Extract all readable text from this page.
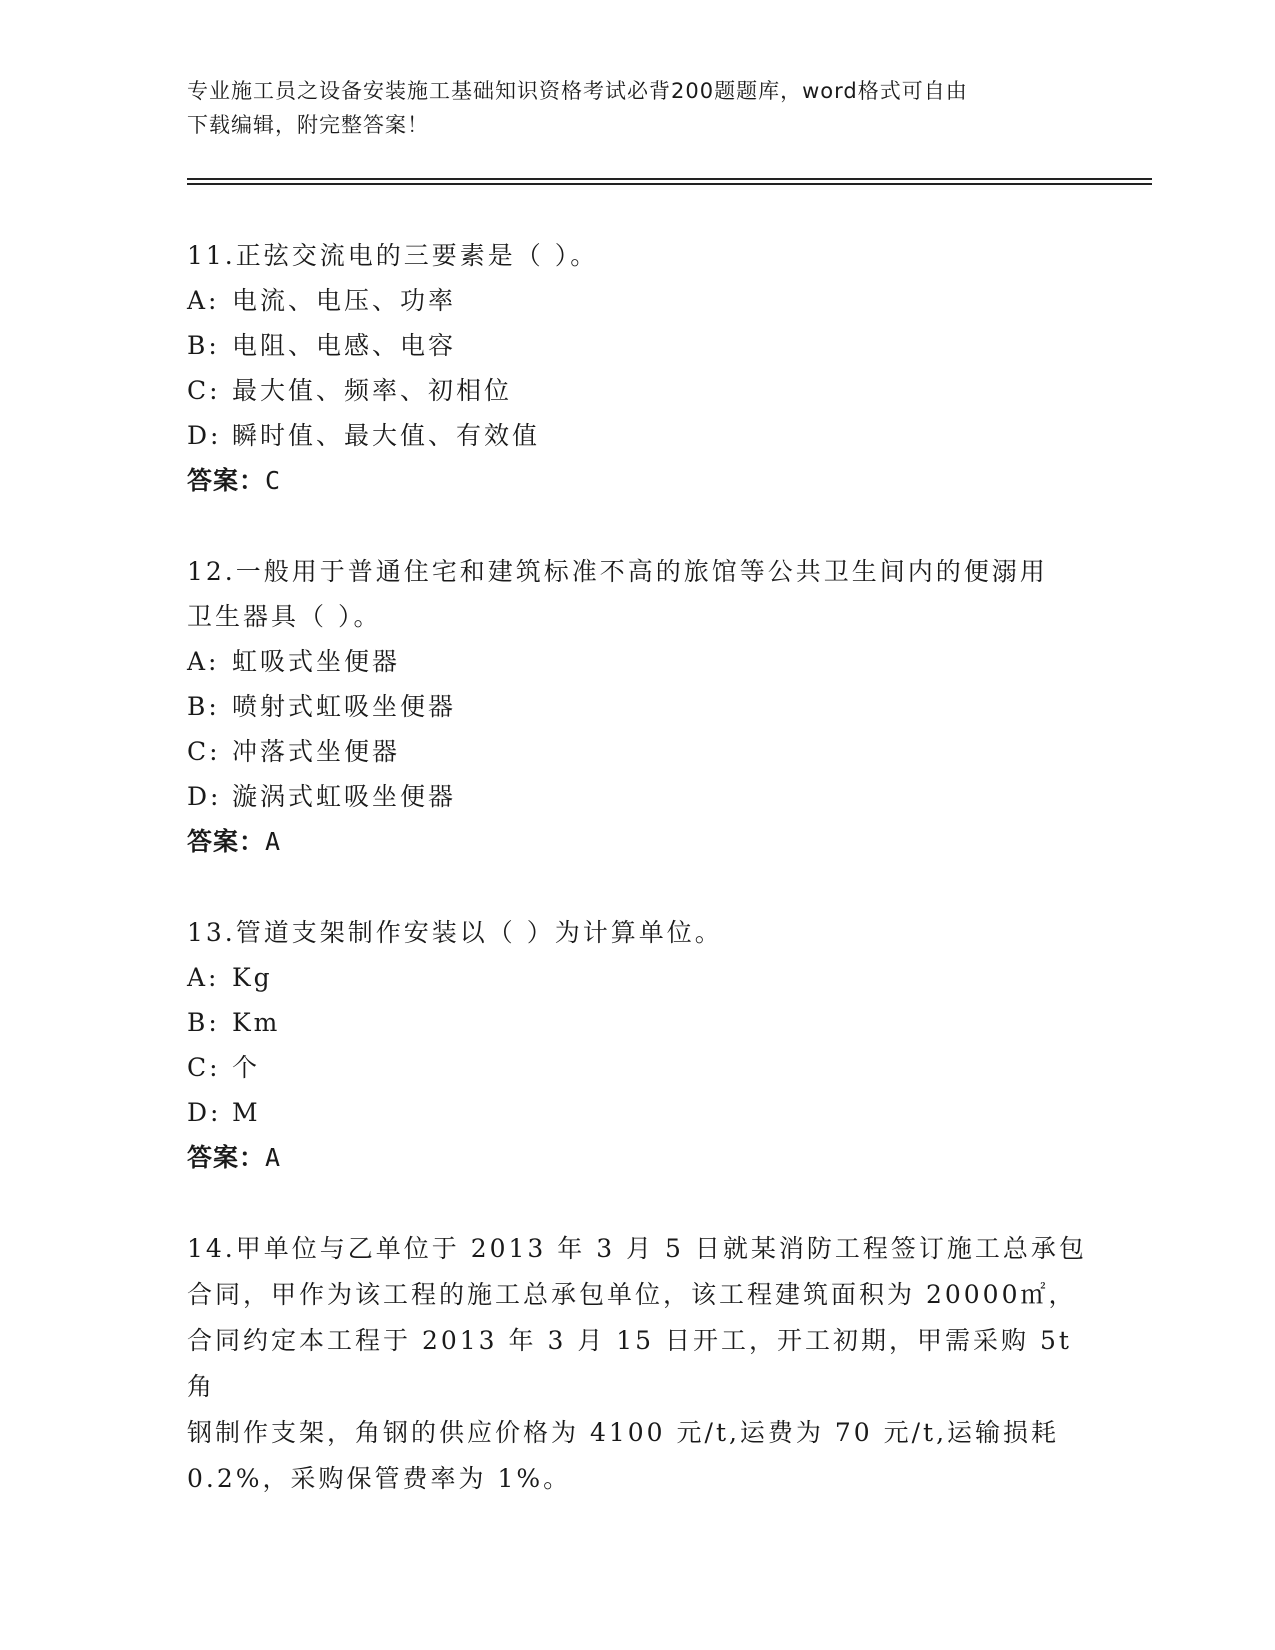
专业施工员之设备安装施工基础知识资格考试必背200题题库，word格式可自由
下载编辑，附完整答案！
11.正弦交流电的三要素是（ ）。
A: 电流、电压、功率
B: 电阻、电感、电容
C: 最大值、频率、初相位
D: 瞬时值、最大值、有效值
答案：C
12.一般用于普通住宅和建筑标准不高的旅馆等公共卫生间内的便溺用
卫生器具（ ）。
A: 虹吸式坐便器
B: 喷射式虹吸坐便器
C: 冲落式坐便器
D: 漩涡式虹吸坐便器
答案：A
13.管道支架制作安装以（ ）为计算单位。
A: Kg
B: Km
C: 个
D: M
答案：A
14.甲单位与乙单位于 2013 年 3 月 5 日就某消防工程签订施工总承包
合同，甲作为该工程的施工总承包单位，该工程建筑面积为 20000㎡，
合同约定本工程于 2013 年 3 月 15 日开工，开工初期，甲需采购 5t 角
钢制作支架，角钢的供应价格为 4100 元/t,运费为 70 元/t,运输损耗
0.2%，采购保管费率为 1%。
